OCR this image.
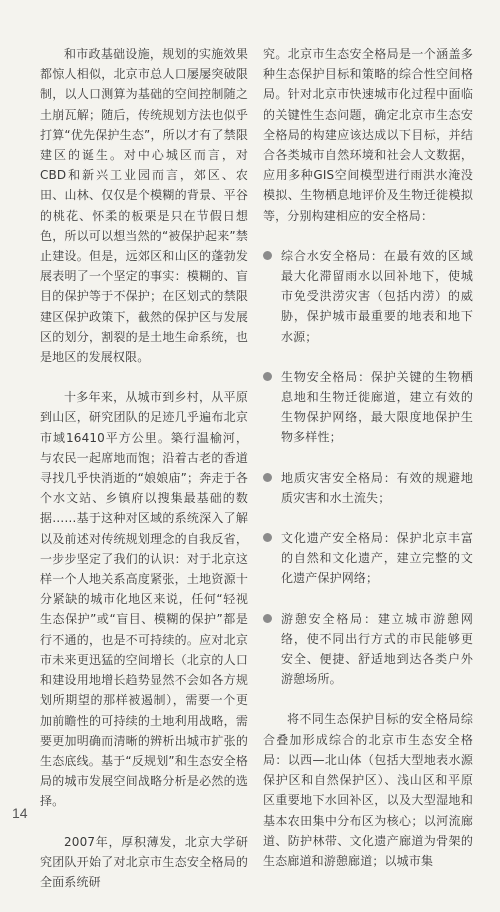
和市政基础设施，规划的实施效果都惊人相似，北京市总人口屡屡突破限制，以人口测算为基础的空间控制随之土崩瓦解；随后，传统规划方法也似乎打算“优先保护生态”，所以才有了禁限建区的诞生。对中心城区而言，对CBD和新兴工业园而言，郊区、农田、山林、仅仅是个模糊的背景、平谷的桃花、怀柔的板栗是只在节假日想色，所以可以想当然的“被保护起来”禁止建设。但是，远郊区和山区的蓬勃发展表明了一个坚定的事实：模糊的、盲目的保护等于不保护；在区划式的禁限建区保护政策下，截然的保护区与发展区的划分，割裂的是土地生命系统，也是地区的发展权限。

十多年来，从城市到乡村，从平原到山区，研究团队的足迹几乎遍布北京市域16410平方公里。築行温榆河，与农民一起席地而饱；沿着古老的香道寻找几乎快消逝的“娘娘庙”；奔走于各个水文站、乡镇府以搜集最基础的数据……基于这种对区域的系统深入了解以及前述对传统规划理念的自我反省，一步步坚定了我们的认识：对于北京这样一个人地关系高度紧张，土地资源十分紧缺的城市化地区来说，任何“轻视生态保护”或“盲目、模糊的保护”都是行不通的，也是不可持续的。应对北京市未来更迅猛的空间增长（北京的人口和建设用地增长趋势显然不会如各方规划所期望的那样被遏制），需要一个更加前瞻性的可持续的土地利用战略，需要更加明确而清晰的辨析出城市扩张的生态底线。基于“反规划”和生态安全格局的城市发展空间战略分析是必然的选择。

2007年，厚积薄发，北京大学研究团队开始了对北京市生态安全格局的全面系统研

究。北京市生态安全格局是一个涵盖多种生态保护目标和策略的综合性空间格局。针对北京市快速城市化过程中面临的关键性生态问题，确定北京市生态安全格局的构建应该达成以下目标，并结合各类城市自然环境和社会人文数据，应用多种GIS空间模型进行雨洪水淹没模拟、生物栖息地评价及生物迁徙模拟等，分别构建相应的安全格局：

综合水安全格局：在最有效的区域最大化滞留雨水以回补地下，使城市免受洪涝灾害（包括内涝）的威胁，保护城市最重要的地表和地下水源；
生物安全格局：保护关键的生物栖息地和生物迁徙廊道，建立有效的生物保护网络，最大限度地保护生物多样性；
地质灾害安全格局：有效的规避地质灾害和水土流失；
文化遗产安全格局：保护北京丰富的自然和文化遗产，建立完整的文化遗产保护网络；
游憩安全格局：建立城市游憩网络，使不同出行方式的市民能够更安全、便捷、舒适地到达各类户外游憩场所。

将不同生态保护目标的安全格局综合叠加形成综合的北京市生态安全格局：以西—北山体（包括大型地表水源保护区和自然保护区）、浅山区和平原区重要地下水回补区，以及大型湿地和基本农田集中分布区为核心；以河流廊道、防护林带、文化遗产廊道为骨架的生态廊道和游憩廊道；以城市集

14
